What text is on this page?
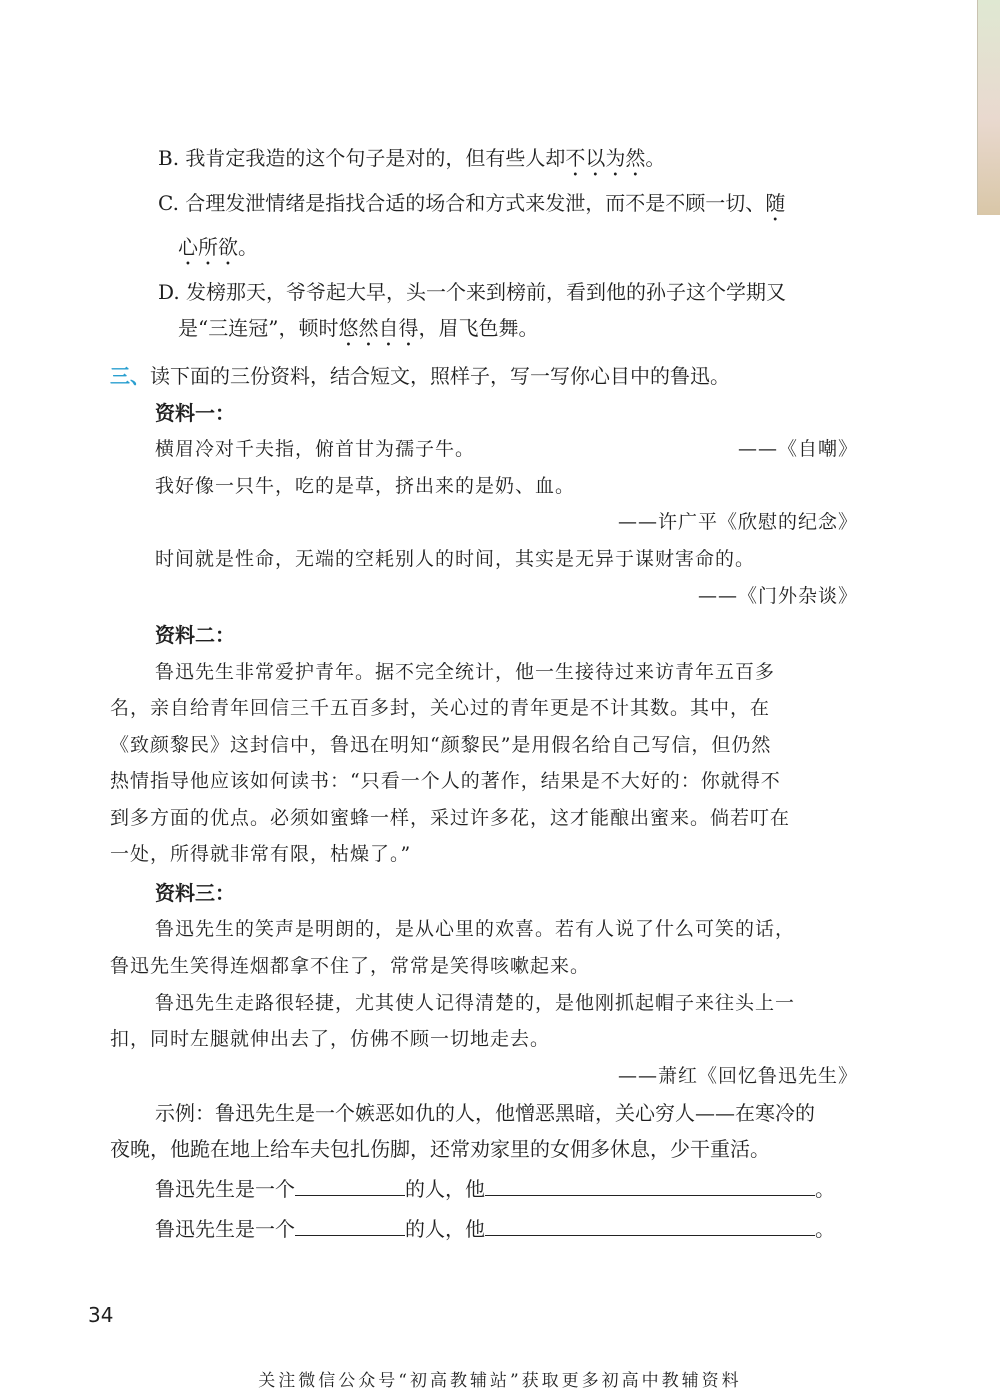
B. 我肯定我造的这个句子是对的，但有些人却不以为然。
C. 合理发泄情绪是指找合适的场合和方式来发泄，而不是不顾一切、随
心所欲。
D. 发榜那天，爷爷起大早，头一个来到榜前，看到他的孙子这个学期又
是“三连冠”，顿时悠然自得，眉飞色舞。
三、读下面的三份资料，结合短文，照样子，写一写你心目中的鲁迅。
资料一：
横眉冷对千夫指，俯首甘为孺子牛。	——《自嘲》
我好像一只牛，吃的是草，挤出来的是奶、血。
——许广平《欣慰的纪念》
时间就是性命，无端的空耗别人的时间，其实是无异于谋财害命的。
——《门外杂谈》
资料二：
鲁迅先生非常爱护青年。据不完全统计，他一生接待过来访青年五百多
名，亲自给青年回信三千五百多封，关心过的青年更是不计其数。其中，在
《致颜黎民》这封信中，鲁迅在明知“颜黎民”是用假名给自己写信，但仍然
热情指导他应该如何读书：“只看一个人的著作，结果是不大好的：你就得不
到多方面的优点。必须如蜜蜂一样，采过许多花，这才能酿出蜜来。倘若叮在
一处，所得就非常有限，枯燥了。”
资料三：
鲁迅先生的笑声是明朗的，是从心里的欢喜。若有人说了什么可笑的话，
鲁迅先生笑得连烟都拿不住了，常常是笑得咳嗽起来。
鲁迅先生走路很轻捷，尤其使人记得清楚的，是他刚抓起帽子来往头上一
扣，同时左腿就伸出去了，仿佛不顾一切地走去。
——萧红《回忆鲁迅先生》
示例：鲁迅先生是一个嫉恶如仇的人，他憎恶黑暗，关心穷人——在寒冷的
夜晚，他跪在地上给车夫包扎伤脚，还常劝家里的女佣多休息，少干重活。
鲁迅先生是一个	的人，他	。
鲁迅先生是一个	的人，他	。
34
关注微信公众号“初高教辅站”获取更多初高中教辅资料
